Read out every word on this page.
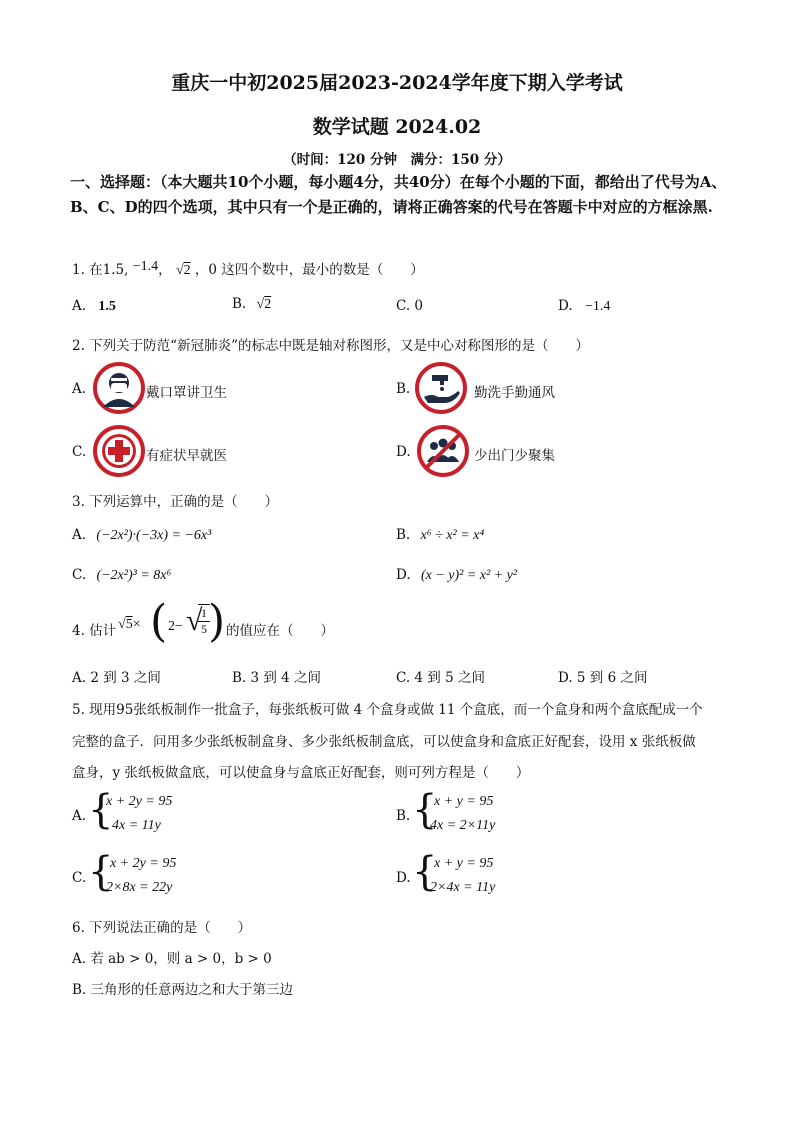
重庆一中初2025届2023-2024学年度下期入学考试
数学试题 2024.02
（时间：120 分钟　满分：150 分）
一、选择题：（本大题共10个小题，每小题4分，共40分）在每个小题的下面，都给出了代号为A、B、C、D的四个选项，其中只有一个是正确的，请将正确答案的代号在答题卡中对应的方框涂黑.
1. 在1.5, −1.4， √2 ，0 这四个数中，最小的数是（　　）
A. 1.5	B. √2	C. 0	D. −1.4
2. 下列关于防范“新冠肺炎”的标志中既是轴对称图形，又是中心对称图形的是（　　）
A.	戴口罩讲卫生	B.	勤洗手勤通风
C.	有症状早就医	D.	少出门少聚集
3. 下列运算中，正确的是（　　）
A. (−2x²)·(−3x) = −6x³	B. x⁶ ÷ x² = x⁴
C. (−2x²)³ = 8x⁶	D. (x − y)² = x² + y²
4. 估计 √5× ( 2− √
$\frac{1}{5}$
) 的值应在（　　）
A. 2 到 3 之间	B. 3 到 4 之间	C. 4 到 5 之间	D. 5 到 6 之间
5. 现用95张纸板制作一批盒子，每张纸板可做 4 个盒身或做 11 个盒底，而一个盒身和两个盒底配成一个
完整的盒子．问用多少张纸板制盒身、多少张纸板制盒底，可以使盒身和盒底正好配套，设用 x 张纸板做
盒身，y 张纸板做盒底，可以使盒身与盒底正好配套，则可列方程是（　　）
A. {
x + 2y = 95
4x = 11y
B. {
x + y = 95
4x = 2×11y
C. {
x + 2y = 95
2×8x = 22y
D. {
x + y = 95
2×4x = 11y
6. 下列说法正确的是（　　）
A. 若 ab > 0，则 a > 0，b > 0
B. 三角形的任意两边之和大于第三边
